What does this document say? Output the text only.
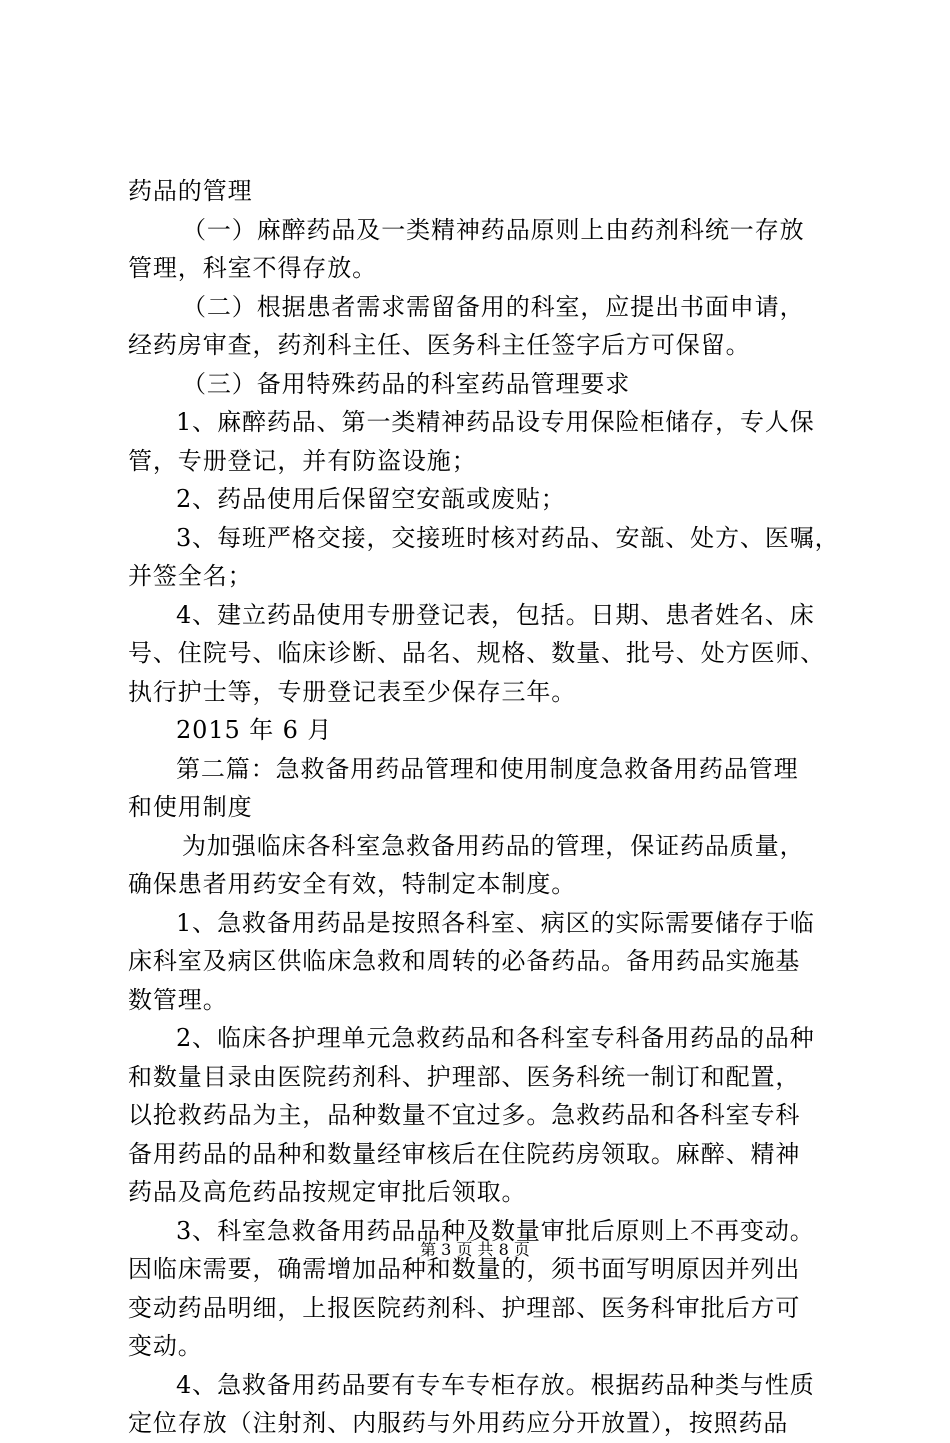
药品的管理
（一）麻醉药品及一类精神药品原则上由药剂科统一存放
管理，科室不得存放。
（二）根据患者需求需留备用的科室，应提出书面申请，
经药房审查，药剂科主任、医务科主任签字后方可保留。
（三）备用特殊药品的科室药品管理要求
1、麻醉药品、第一类精神药品设专用保险柜储存，专人保
管，专册登记，并有防盗设施；
2、药品使用后保留空安瓿或废贴；
3、每班严格交接，交接班时核对药品、安瓿、处方、医嘱，
并签全名；
4、建立药品使用专册登记表，包括。日期、患者姓名、床
号、住院号、临床诊断、品名、规格、数量、批号、处方医师、
执行护士等，专册登记表至少保存三年。
2015 年 6 月
第二篇：急救备用药品管理和使用制度急救备用药品管理
和使用制度
为加强临床各科室急救备用药品的管理，保证药品质量，
确保患者用药安全有效，特制定本制度。
1、急救备用药品是按照各科室、病区的实际需要储存于临
床科室及病区供临床急救和周转的必备药品。备用药品实施基
数管理。
2、临床各护理单元急救药品和各科室专科备用药品的品种
和数量目录由医院药剂科、护理部、医务科统一制订和配置，
以抢救药品为主，品种数量不宜过多。急救药品和各科室专科
备用药品的品种和数量经审核后在住院药房领取。麻醉、精神
药品及高危药品按规定审批后领取。
3、科室急救备用药品品种及数量审批后原则上不再变动。
因临床需要，确需增加品种和数量的，须书面写明原因并列出
变动药品明细，上报医院药剂科、护理部、医务科审批后方可
变动。
4、急救备用药品要有专车专柜存放。根据药品种类与性质
定位存放（注射剂、内服药与外用药应分开放置），按照药品
第 3 页 共 8 页
